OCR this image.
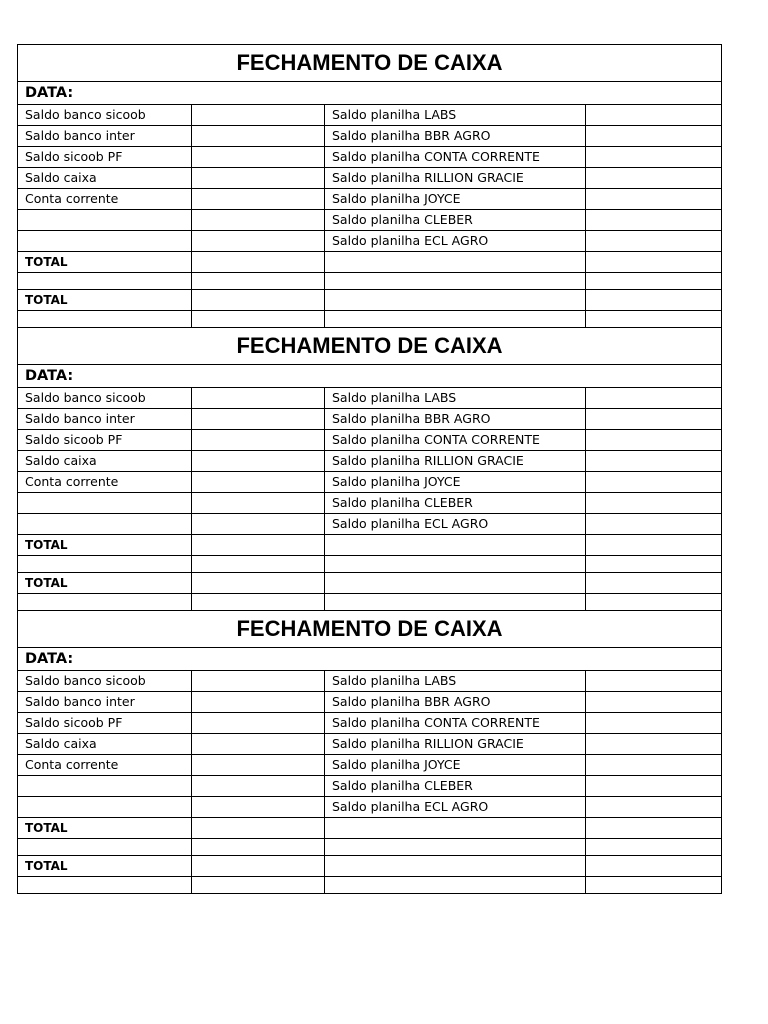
FECHAMENTO DE CAIXA			
DATA:			
Saldo banco sicoob		Saldo planilha LABS	
Saldo banco inter		Saldo planilha BBR AGRO	
Saldo sicoob PF		Saldo planilha CONTA CORRENTE	
Saldo caixa		Saldo planilha RILLION GRACIE	
Conta corrente		Saldo planilha JOYCE	
		Saldo planilha CLEBER	
		Saldo planilha ECL AGRO	
TOTAL			

TOTAL			

FECHAMENTO DE CAIXA			
DATA:			
Saldo banco sicoob		Saldo planilha LABS	
Saldo banco inter		Saldo planilha BBR AGRO	
Saldo sicoob PF		Saldo planilha CONTA CORRENTE	
Saldo caixa		Saldo planilha RILLION GRACIE	
Conta corrente		Saldo planilha JOYCE	
		Saldo planilha CLEBER	
		Saldo planilha ECL AGRO	
TOTAL			

TOTAL			

FECHAMENTO DE CAIXA			
DATA:			
Saldo banco sicoob		Saldo planilha LABS	
Saldo banco inter		Saldo planilha BBR AGRO	
Saldo sicoob PF		Saldo planilha CONTA CORRENTE	
Saldo caixa		Saldo planilha RILLION GRACIE	
Conta corrente		Saldo planilha JOYCE	
		Saldo planilha CLEBER	
		Saldo planilha ECL AGRO	
TOTAL			

TOTAL			
